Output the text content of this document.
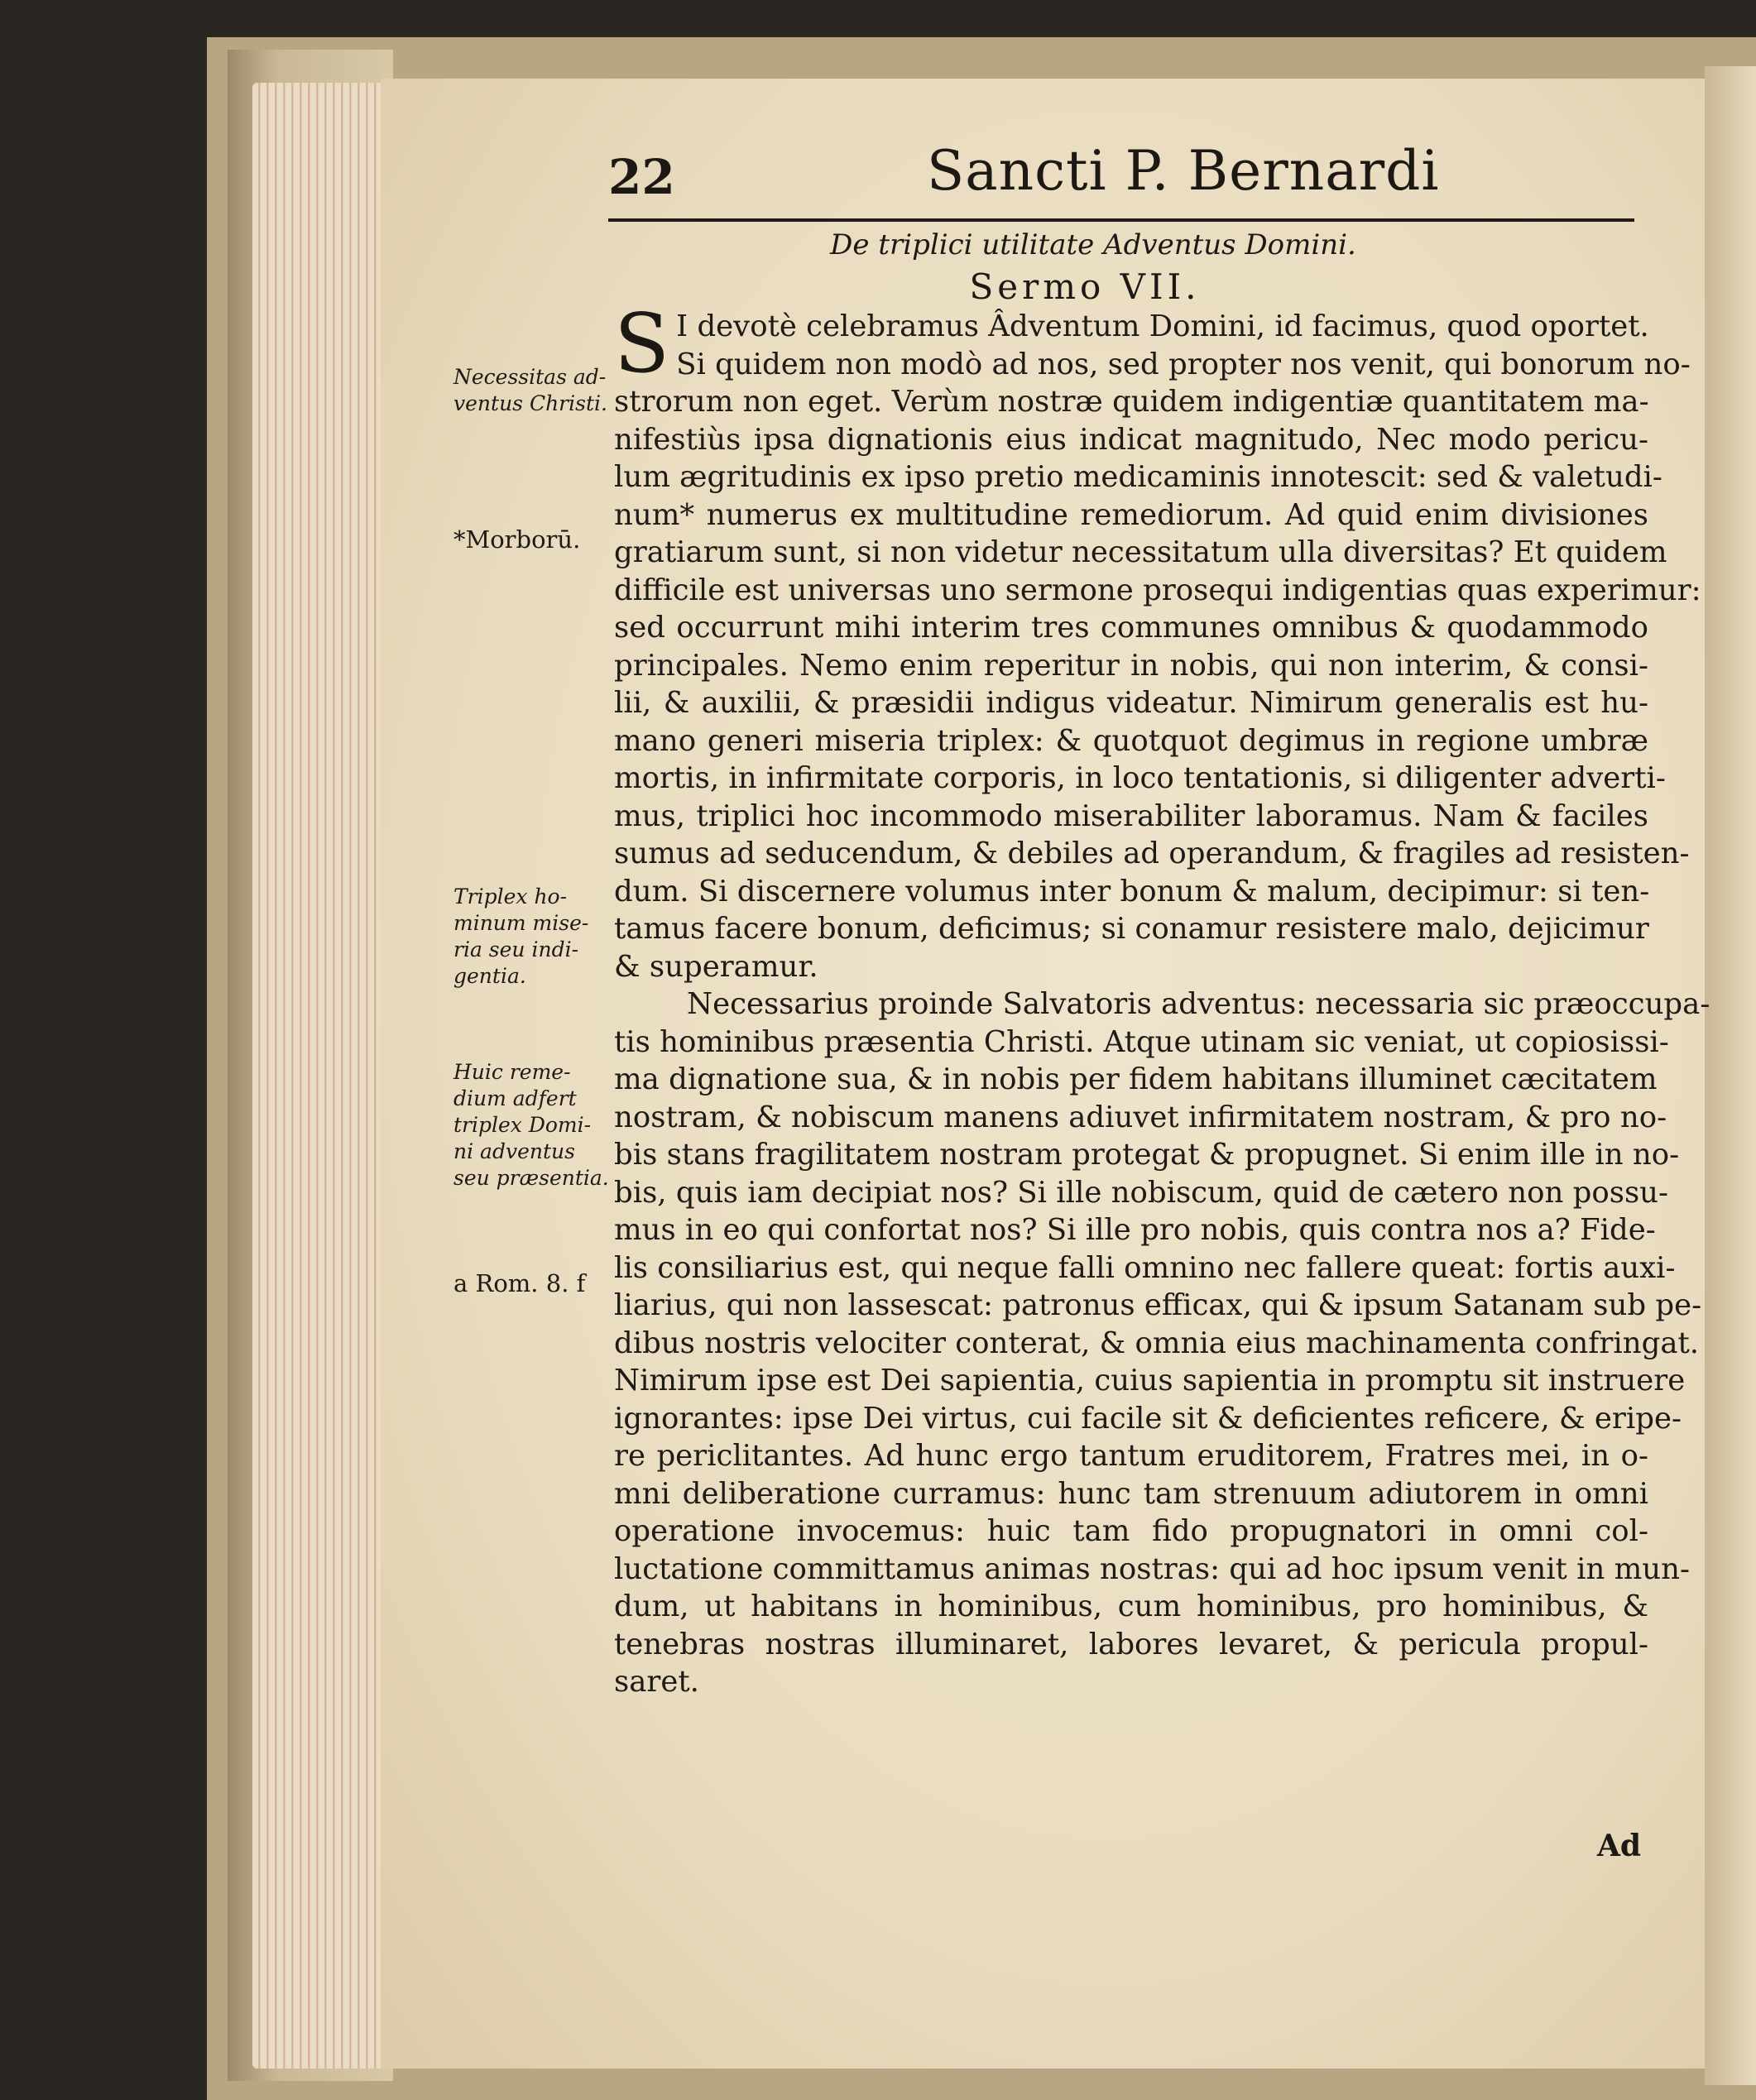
22	Sancti P. Bernardi
De triplici utilitate Adventus Domini.
Sermo VII.
S I devotè celebramus Âdventum Domini, id facimus, quod oportet.
Si quidem non modò ad nos, sed propter nos venit, qui bonorum no-
strorum non eget. Verùm nostræ quidem indigentiæ quantitatem ma-
nifestiùs ipsa dignationis eius indicat magnitudo, Nec modo pericu-
lum ægritudinis ex ipso pretio medicaminis innotescit: sed & valetudi-
num* numerus ex multitudine remediorum. Ad quid enim divisiones
gratiarum sunt, si non videtur necessitatum ulla diversitas? Et quidem
difficile est universas uno sermone prosequi indigentias quas experimur:
sed occurrunt mihi interim tres communes omnibus & quodammodo
principales. Nemo enim reperitur in nobis, qui non interim, & consi-
lii, & auxilii, & præsidii indigus videatur. Nimirum generalis est hu-
mano generi miseria triplex: & quotquot degimus in regione umbræ
mortis, in infirmitate corporis, in loco tentationis, si diligenter adverti-
mus, triplici hoc incommodo miserabiliter laboramus. Nam & faciles
sumus ad seducendum, & debiles ad operandum, & fragiles ad resisten-
dum. Si discernere volumus inter bonum & malum, decipimur: si ten-
tamus facere bonum, deficimus; si conamur resistere malo, dejicimur
& superamur.
Necessarius proinde Salvatoris adventus: necessaria sic præoccupa-
tis hominibus præsentia Christi. Atque utinam sic veniat, ut copiosissi-
ma dignatione sua, & in nobis per fidem habitans illuminet cæcitatem
nostram, & nobiscum manens adiuvet infirmitatem nostram, & pro no-
bis stans fragilitatem nostram protegat & propugnet. Si enim ille in no-
bis, quis iam decipiat nos? Si ille nobiscum, quid de cætero non possu-
mus in eo qui confortat nos? Si ille pro nobis, quis contra nos a? Fide-
lis consiliarius est, qui neque falli omnino nec fallere queat: fortis auxi-
liarius, qui non lassescat: patronus efficax, qui & ipsum Satanam sub pe-
dibus nostris velociter conterat, & omnia eius machinamenta confringat.
Nimirum ipse est Dei sapientia, cuius sapientia in promptu sit instruere
ignorantes: ipse Dei virtus, cui facile sit & deficientes reficere, & eripe-
re periclitantes. Ad hunc ergo tantum eruditorem, Fratres mei, in o-
mni deliberatione curramus: hunc tam strenuum adiutorem in omni
operatione invocemus: huic tam fido propugnatori in omni col-
luctatione committamus animas nostras: qui ad hoc ipsum venit in mun-
dum, ut habitans in hominibus, cum hominibus, pro hominibus, &
tenebras nostras illuminaret, labores levaret, & pericula propul-
saret.
Necessitas ad-
ventus Christi.
*Morborū.
Triplex ho-
minum mise-
ria seu indi-
gentia.
Huic reme-
dium adfert
triplex Domi-
ni adventus
seu præsentia.
a Rom. 8. f
Ad
